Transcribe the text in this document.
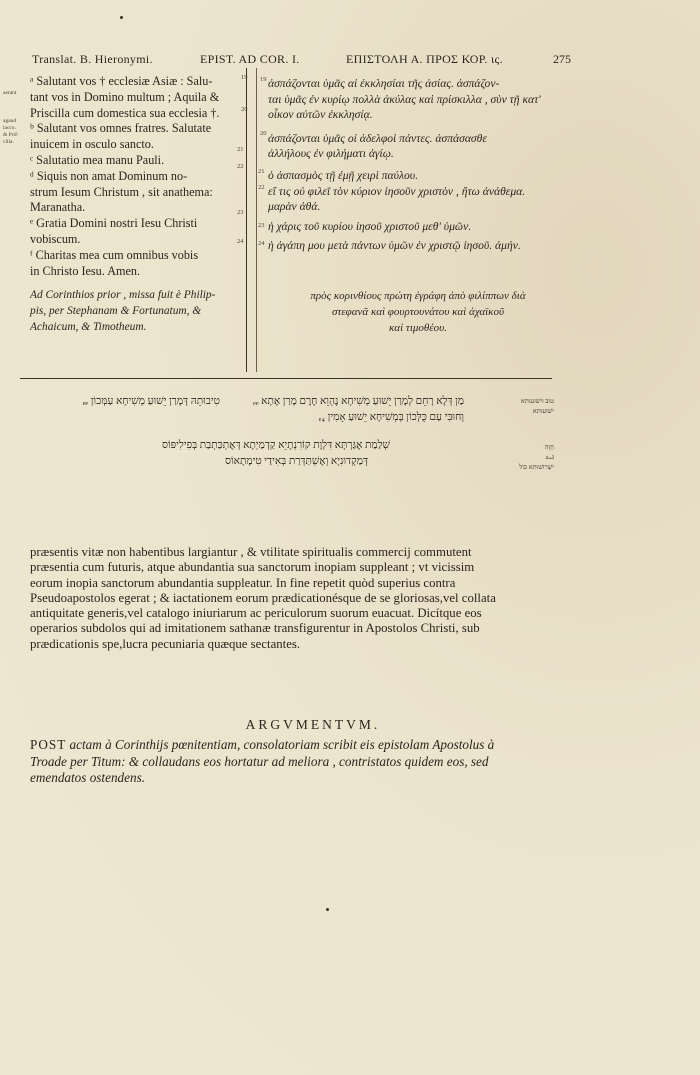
Translat. B. Hieronymi.	EPIST. AD COR. I.	ΕΠΙΣΤΟΛΗ Α. ΠΡΟΣ ΚΟΡ. ις.	275
aerant
agaud
lacco.
& Prif-
cilla.

ᵃ Salutant vos † ecclesiæ Asiæ : Salu-

tant vos in Domino multum ; Aquila &

Priscilla cum domestica sua ecclesia †.

ᵇ Salutant vos omnes fratres. Salutate

inuicem in osculo sancto.

ᶜ Salutatio mea manu Pauli.

ᵈ Siquis non amat Dominum no-

strum Iesum Christum , sit anathema:

Maranatha.

ᵉ Gratia Domini nostri Iesu Christi

vobiscum.

ᶠ Charitas mea cum omnibus vobis

in Christo Iesu. Amen.

19
20
21
22
23
24
19
20
21
22
23
24

ἀσπάζονται ὑμᾶς αἱ ἐκκλησίαι τῆς ἀσίας. ἀσπάζον-

ται ὑμᾶς ἐν κυρίῳ πολλὰ ἀκύλας καὶ πρίσκιλλα , σὺν τῇ κατ'

οἶκον αὐτῶν ἐκκλησίᾳ.

ἀσπάζονται ὑμᾶς οἱ ἀδελφοὶ πάντες. ἀσπάσασθε

ἀλλήλους ἐν φιλήματι ἁγίῳ.

ὁ ἀσπασμὸς τῇ ἐμῇ χειρὶ παύλου.

εἴ τις οὐ φιλεῖ τὸν κύριον ἰησοῦν χριστὸν , ἤτω ἀνάθεμα.

μαρὰν ἀθά.

ἡ χάρις τοῦ κυρίου ἰησοῦ χριστοῦ μεθ' ὑμῶν.

ἡ ἀγάπη μου μετὰ πάντων ὑμῶν ἐν χριστῷ ἰησοῦ. ἀμήν.

Ad Corinthios prior , missa fuit è Philip-
pis, per Stephanam & Fortunatum, &
Achaicum, & Timotheum.
πρὸς κορινθίους πρώτη ἐγράφη ἀπὸ φιλίππων διὰ
στεφανᾶ καὶ φουρτουνάτου καὶ ἀχαϊκοῦ
καὶ τιμοθέου.
ₑₑ טִיבוּתֵהּ דְּמָרַן יֵשׁוּעַ מְשִׁיחָא עַמְּכוֹן	ₑₑ מַן דְּלָא רָחֵם לְמָרַן יֵשׁוּעַ מְשִׁיחָא נֶהְוֵא חֶרֶם מָרַן אֶתָא
ₑ₄ וְחוּבִּי עַם כֻּלְּכוֹן בְּמְשִׁיחָא יֵשׁוּעַ אָמִין
שְׁלַמַת אֶגַּרְתָּא דִּלְוָת קוֹרִנְתָיֵא קַדְמַיְתָא דְּאֶתְכַּתְבַת בְּפִילִיפּוֹס
דְּמַקְדוּנִיָא וְאֶשְׁתַּדְּרַת בְּאִידַי טִימָתָאוֹס
טוּב וּיִשׁוּעוּתא
יִשׁוּעוּתא
חָוָה
ܐܝܬ
יִשְׁרוּשׁוּתא כּוֹל

præsentis vitæ non habentibus largiantur , & vtilitate spiritualis commercij commutent

præsentia cum futuris, atque abundantia sua sanctorum inopiam suppleant ; vt vicissim

eorum inopia sanctorum abundantia suppleatur. In fine repetit quòd superius contra

Pseudoapostolos egerat ; & iactationem eorum prædicationésque de se gloriosas,vel collata

antiquitate generis,vel catalogo iniuriarum ac periculorum suorum euacuat. Dicítque eos

operarios subdolos qui ad imitationem sathanæ transfigurentur in Apostolos Christi, sub

prædicationis spe,lucra pecuniaria quæque sectantes.

ARGVMENTVM.

POST actam à Corinthijs pœnitentiam, consolatoriam scribit eis epistolam Apostolus à

Troade per Titum: & collaudans eos hortatur ad meliora , contristatos quidem eos, sed

emendatos ostendens.
